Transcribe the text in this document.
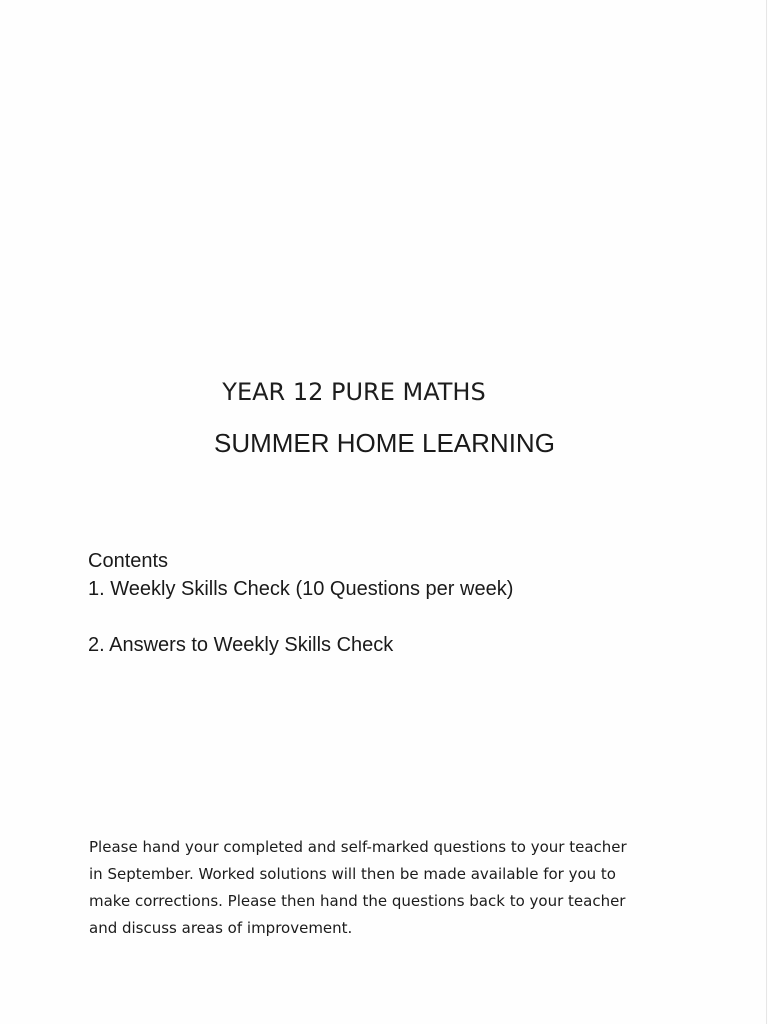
YEAR 12 PURE MATHS
SUMMER HOME LEARNING
Contents
1. Weekly Skills Check (10 Questions per week)
2. Answers to Weekly Skills Check
Please hand your completed and self-marked questions to your teacher
in September. Worked solutions will then be made available for you to
make corrections. Please then hand the questions back to your teacher
and discuss areas of improvement.
